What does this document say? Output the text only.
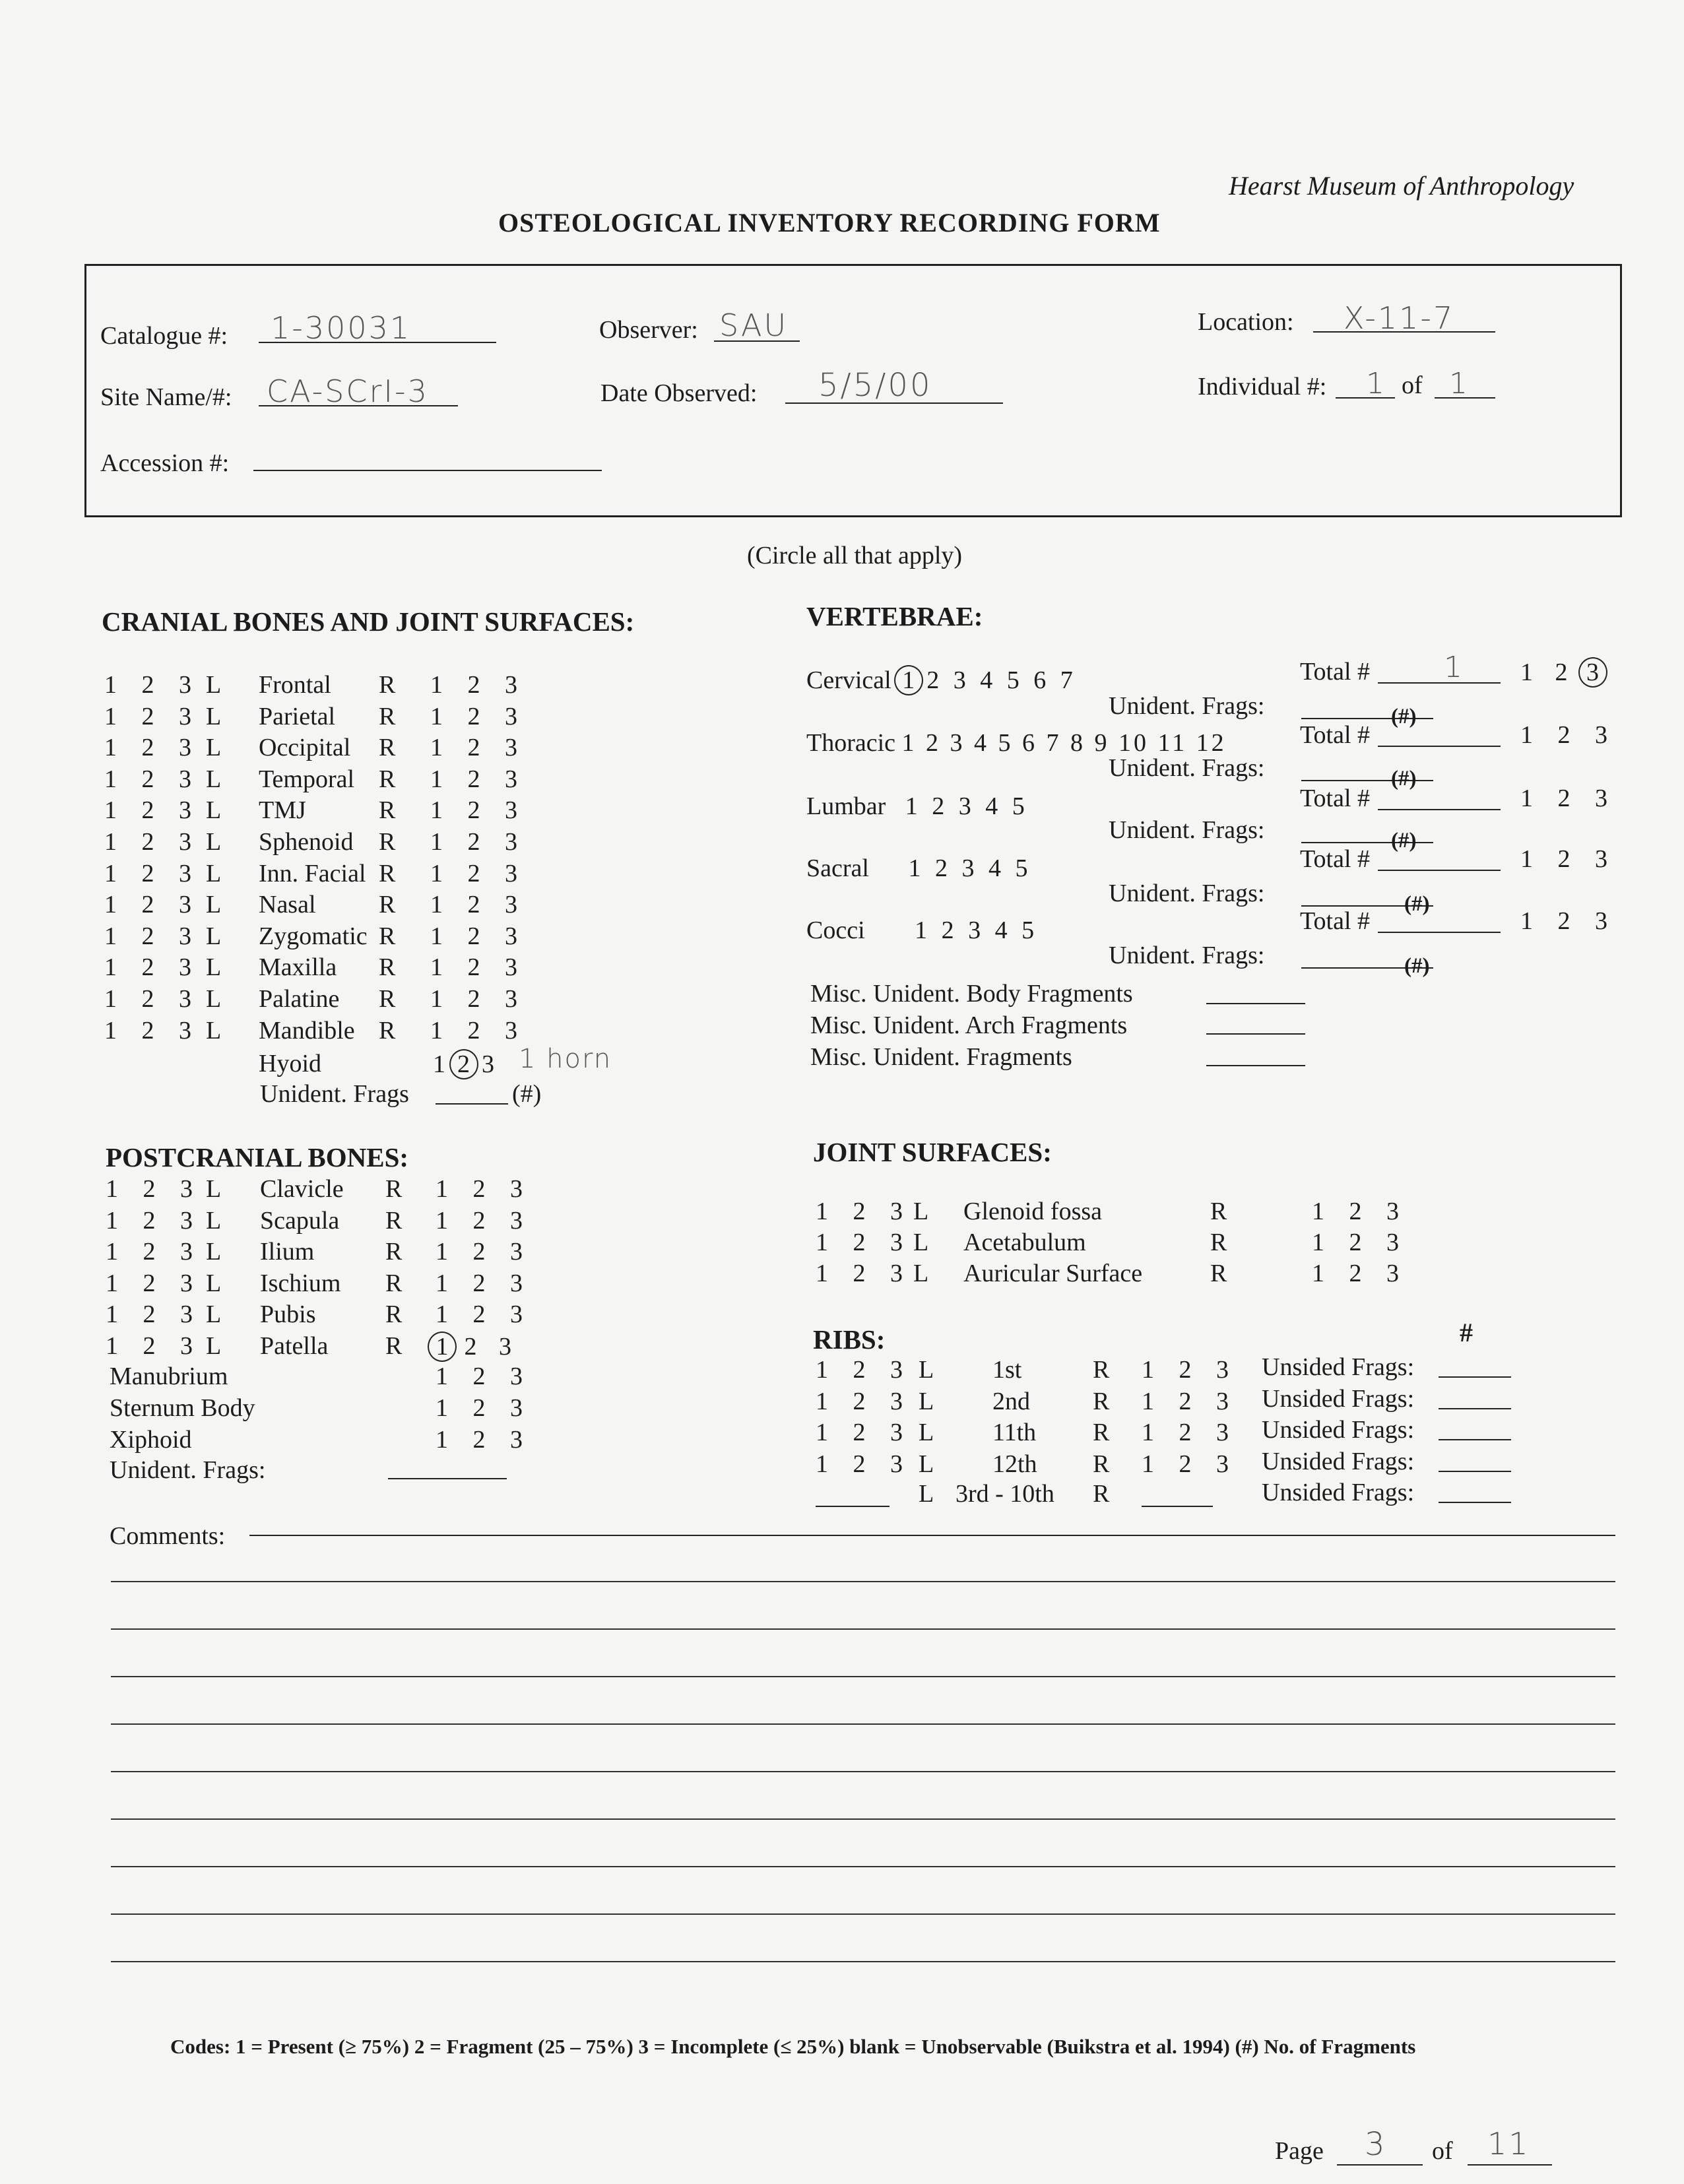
Hearst Museum of Anthropology
OSTEOLOGICAL INVENTORY RECORDING FORM
Catalogue #: 1-30031	Observer: SAU	Location: X-11-7
Site Name/#: CA-SCrI-3	Date Observed: 5/5/00	Individual #: 1 of 1
Accession #:
(Circle all that apply)
CRANIAL BONES AND JOINT SURFACES:
1 2 3 L Frontal R 1 2 3
1 2 3 L Parietal R 1 2 3
1 2 3 L Occipital R 1 2 3
1 2 3 L Temporal R 1 2 3
1 2 3 L TMJ	R 1 2 3
1 2 3 L Sphenoid R 1 2 3
1 2 3 L Inn. Facial R 1 2 3
1 2 3 L Nasal	R 1 2 3
1 2 3 L Zygomatic R 1 2 3
1 2 3 L Maxilla R 1 2 3
1 2 3 L Palatine R 1 2 3
1 2 3 L Mandible R 1 2 3
Hyoid	1 2 3 1 horn
Unident. Frags	(#)
VERTEBRAE:
Cervical 1 2 3 4 5 6 7
Thoracic 1 2 3 4 5 6 7 8 9 10 11 12
Lumbar 1 2 3 4 5
Sacral 1 2 3 4 5
Cocci 1 2 3 4 5
Total #	1 1 2 3
Unident. Frags:	(#)
Total #	1 2 3
Unident. Frags:	(#)
Total #	1 2 3
Unident. Frags:	(#)
Total #	1 2 3
Unident. Frags:	(#)
Total #	1 2 3
Unident. Frags:	(#)
Misc. Unident. Body Fragments
Misc. Unident. Arch Fragments
Misc. Unident. Fragments
POSTCRANIAL BONES:
1 2 3 L Clavicle R 1 2 3
1 2 3 L Scapula R 1 2 3
1 2 3 L Ilium	R 1 2 3
1 2 3 L Ischium R 1 2 3
1 2 3 L Pubis	R 1 2 3
1 2 3 L Patella R 1 2 3
Manubrium	1 2 3
Sternum Body	1 2 3
Xiphoid	1 2 3
Unident. Frags:
JOINT SURFACES:
1 2 3 L Glenoid fossa	R	1 2 3
1 2 3 L Acetabulum	R	1 2 3
1 2 3 L Auricular Surface	R	1 2 3
RIBS:	#
1 2 3 L 1st	R 1 2 3 Unsided Frags:
1 2 3 L 2nd	R 1 2 3 Unsided Frags:
1 2 3 L 11th R 1 2 3 Unsided Frags:
1 2 3 L 12th R 1 2 3 Unsided Frags:
L 3rd - 10th R	Unsided Frags:
Comments:
Codes: 1 = Present (≥ 75%) 2 = Fragment (25 – 75%) 3 = Incomplete (≤ 25%) blank = Unobservable (Buikstra et al. 1994) (#) No. of Fragments
Page 3 of 11
